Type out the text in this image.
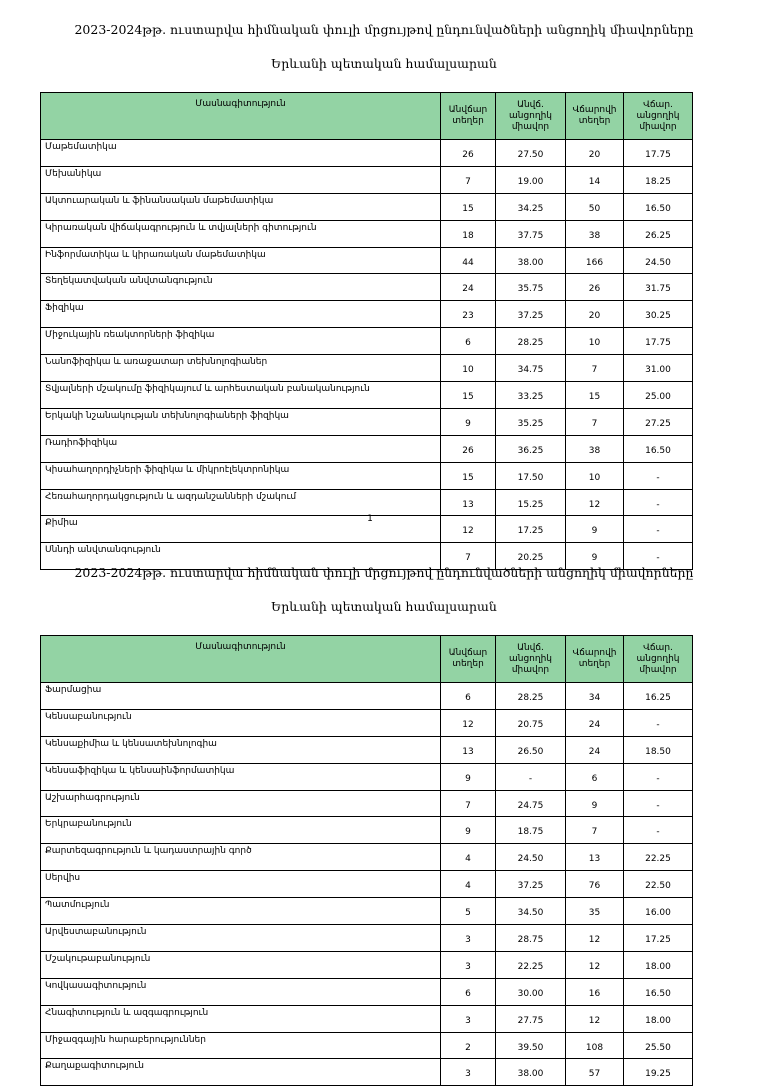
2023-2024թթ. ուստարվա հիմնական փուլի մրցույթով ընդունվածների անցողիկ միավորները
Երևանի պետական համալսարան
Մասնագիտություն	Անվճար տեղեր	Անվճ. անցողիկ միավոր	Վճարովի տեղեր	Վճար. անցողիկ միավոր
Մաթեմատիկա	26	27.50	20	17.75
Մեխանիկա	7	19.00	14	18.25
Ակտուարական և ֆինանսական մաթեմատիկա	15	34.25	50	16.50
Կիրառական վիճակագրություն և տվյալների գիտություն	18	37.75	38	26.25
Ինֆորմատիկա և կիրառական մաթեմատիկա	44	38.00	166	24.50
Տեղեկատվական անվտանգություն	24	35.75	26	31.75
Ֆիզիկա	23	37.25	20	30.25
Միջուկային ռեակտորների ֆիզիկա	6	28.25	10	17.75
Նանոֆիզիկա և առաջատար տեխնոլոգիաներ	10	34.75	7	31.00
Տվյալների մշակումը ֆիզիկայում և արհեստական բանականություն	15	33.25	15	25.00
Երկակի նշանակության տեխնոլոգիաների ֆիզիկա	9	35.25	7	27.25
Ռադիոֆիզիկա	26	36.25	38	16.50
Կիսահաղորդիչների ֆիզիկա և միկրոէլեկտրոնիկա	15	17.50	10	-
Հեռահաղորդակցություն և ազդանշանների մշակում	13	15.25	12	-
Քիմիա	12	17.25	9	-
Սննդի անվտանգություն	7	20.25	9	-
1
2023-2024թթ. ուստարվա հիմնական փուլի մրցույթով ընդունվածների անցողիկ միավորները
Երևանի պետական համալսարան
Մասնագիտություն	Անվճար տեղեր	Անվճ. անցողիկ միավոր	Վճարովի տեղեր	Վճար. անցողիկ միավոր
Ֆարմացիա	6	28.25	34	16.25
Կենսաբանություն	12	20.75	24	-
Կենսաքիմիա և կենսատեխնոլոգիա	13	26.50	24	18.50
Կենսաֆիզիկա և կենսաինֆորմատիկա	9	-	6	-
Աշխարհագրություն	7	24.75	9	-
Երկրաբանություն	9	18.75	7	-
Քարտեզագրություն և կադաստրային գործ	4	24.50	13	22.25
Սերվիս	4	37.25	76	22.50
Պատմություն	5	34.50	35	16.00
Արվեստաբանություն	3	28.75	12	17.25
Մշակութաբանություն	3	22.25	12	18.00
Կովկասագիտություն	6	30.00	16	16.50
Հնագիտություն և ազգագրություն	3	27.75	12	18.00
Միջազգային հարաբերություններ	2	39.50	108	25.50
Քաղաքագիտություն	3	38.00	57	19.25
